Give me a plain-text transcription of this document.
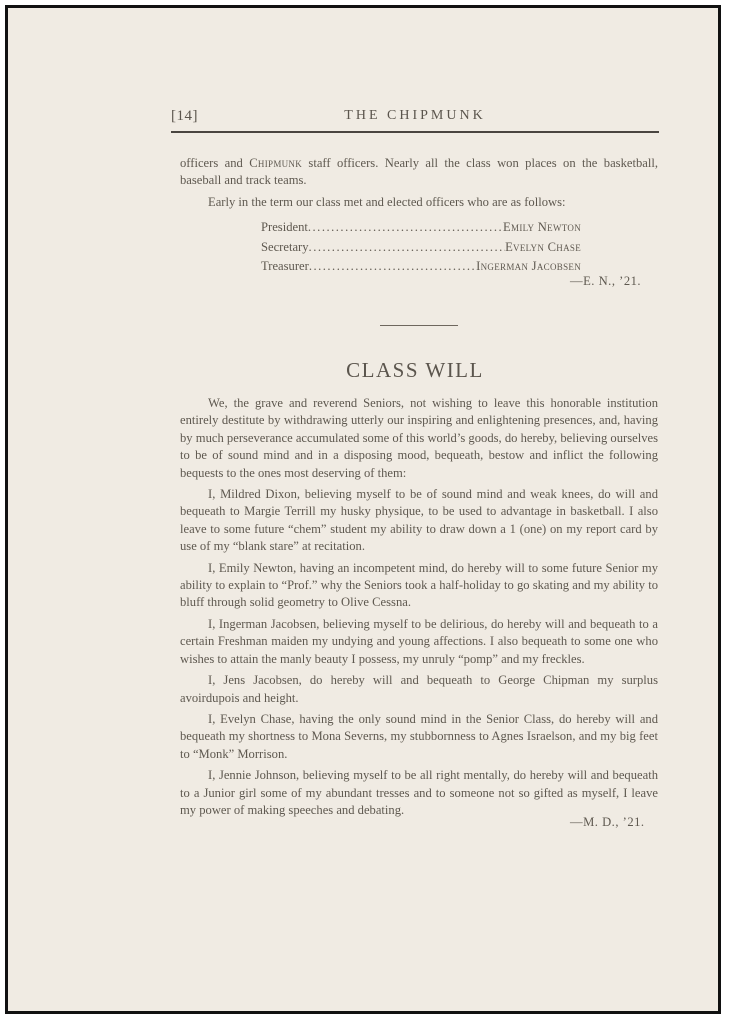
[14]	THE CHIPMUNK

officers and Chipmunk staff officers. Nearly all the class won places on the basketball, baseball and track teams.

Early in the term our class met and elected officers who are as follows:

President .....	Emily Newton
Secretary .....	Evelyn Chase
Treasurer .....	Ingerman Jacobsen
—E. N., ’21.
CLASS WILL

We, the grave and reverend Seniors, not wishing to leave this honorable institution entirely destitute by withdrawing utterly our inspiring and enlightening presences, and, having by much perseverance accumulated some of this world’s goods, do hereby, believing ourselves to be of sound mind and in a disposing mood, bequeath, bestow and inflict the following bequests to the ones most deserving of them:

I, Mildred Dixon, believing myself to be of sound mind and weak knees, do will and bequeath to Margie Terrill my husky physique, to be used to advantage in basketball. I also leave to some future “chem” student my ability to draw down a 1 (one) on my report card by use of my “blank stare” at recitation.

I, Emily Newton, having an incompetent mind, do hereby will to some future Senior my ability to explain to “Prof.” why the Seniors took a half-holiday to go skating and my ability to bluff through solid geometry to Olive Cessna.

I, Ingerman Jacobsen, believing myself to be delirious, do hereby will and bequeath to a certain Freshman maiden my undying and young affections. I also bequeath to some one who wishes to attain the manly beauty I possess, my unruly “pomp” and my freckles.

I, Jens Jacobsen, do hereby will and bequeath to George Chipman my surplus avoirdupois and height.

I, Evelyn Chase, having the only sound mind in the Senior Class, do hereby will and bequeath my shortness to Mona Severns, my stubbornness to Agnes Israelson, and my big feet to “Monk” Morrison.

I, Jennie Johnson, believing myself to be all right mentally, do hereby will and bequeath to a Junior girl some of my abundant tresses and to someone not so gifted as myself, I leave my power of making speeches and debating.

—M. D., ’21.
